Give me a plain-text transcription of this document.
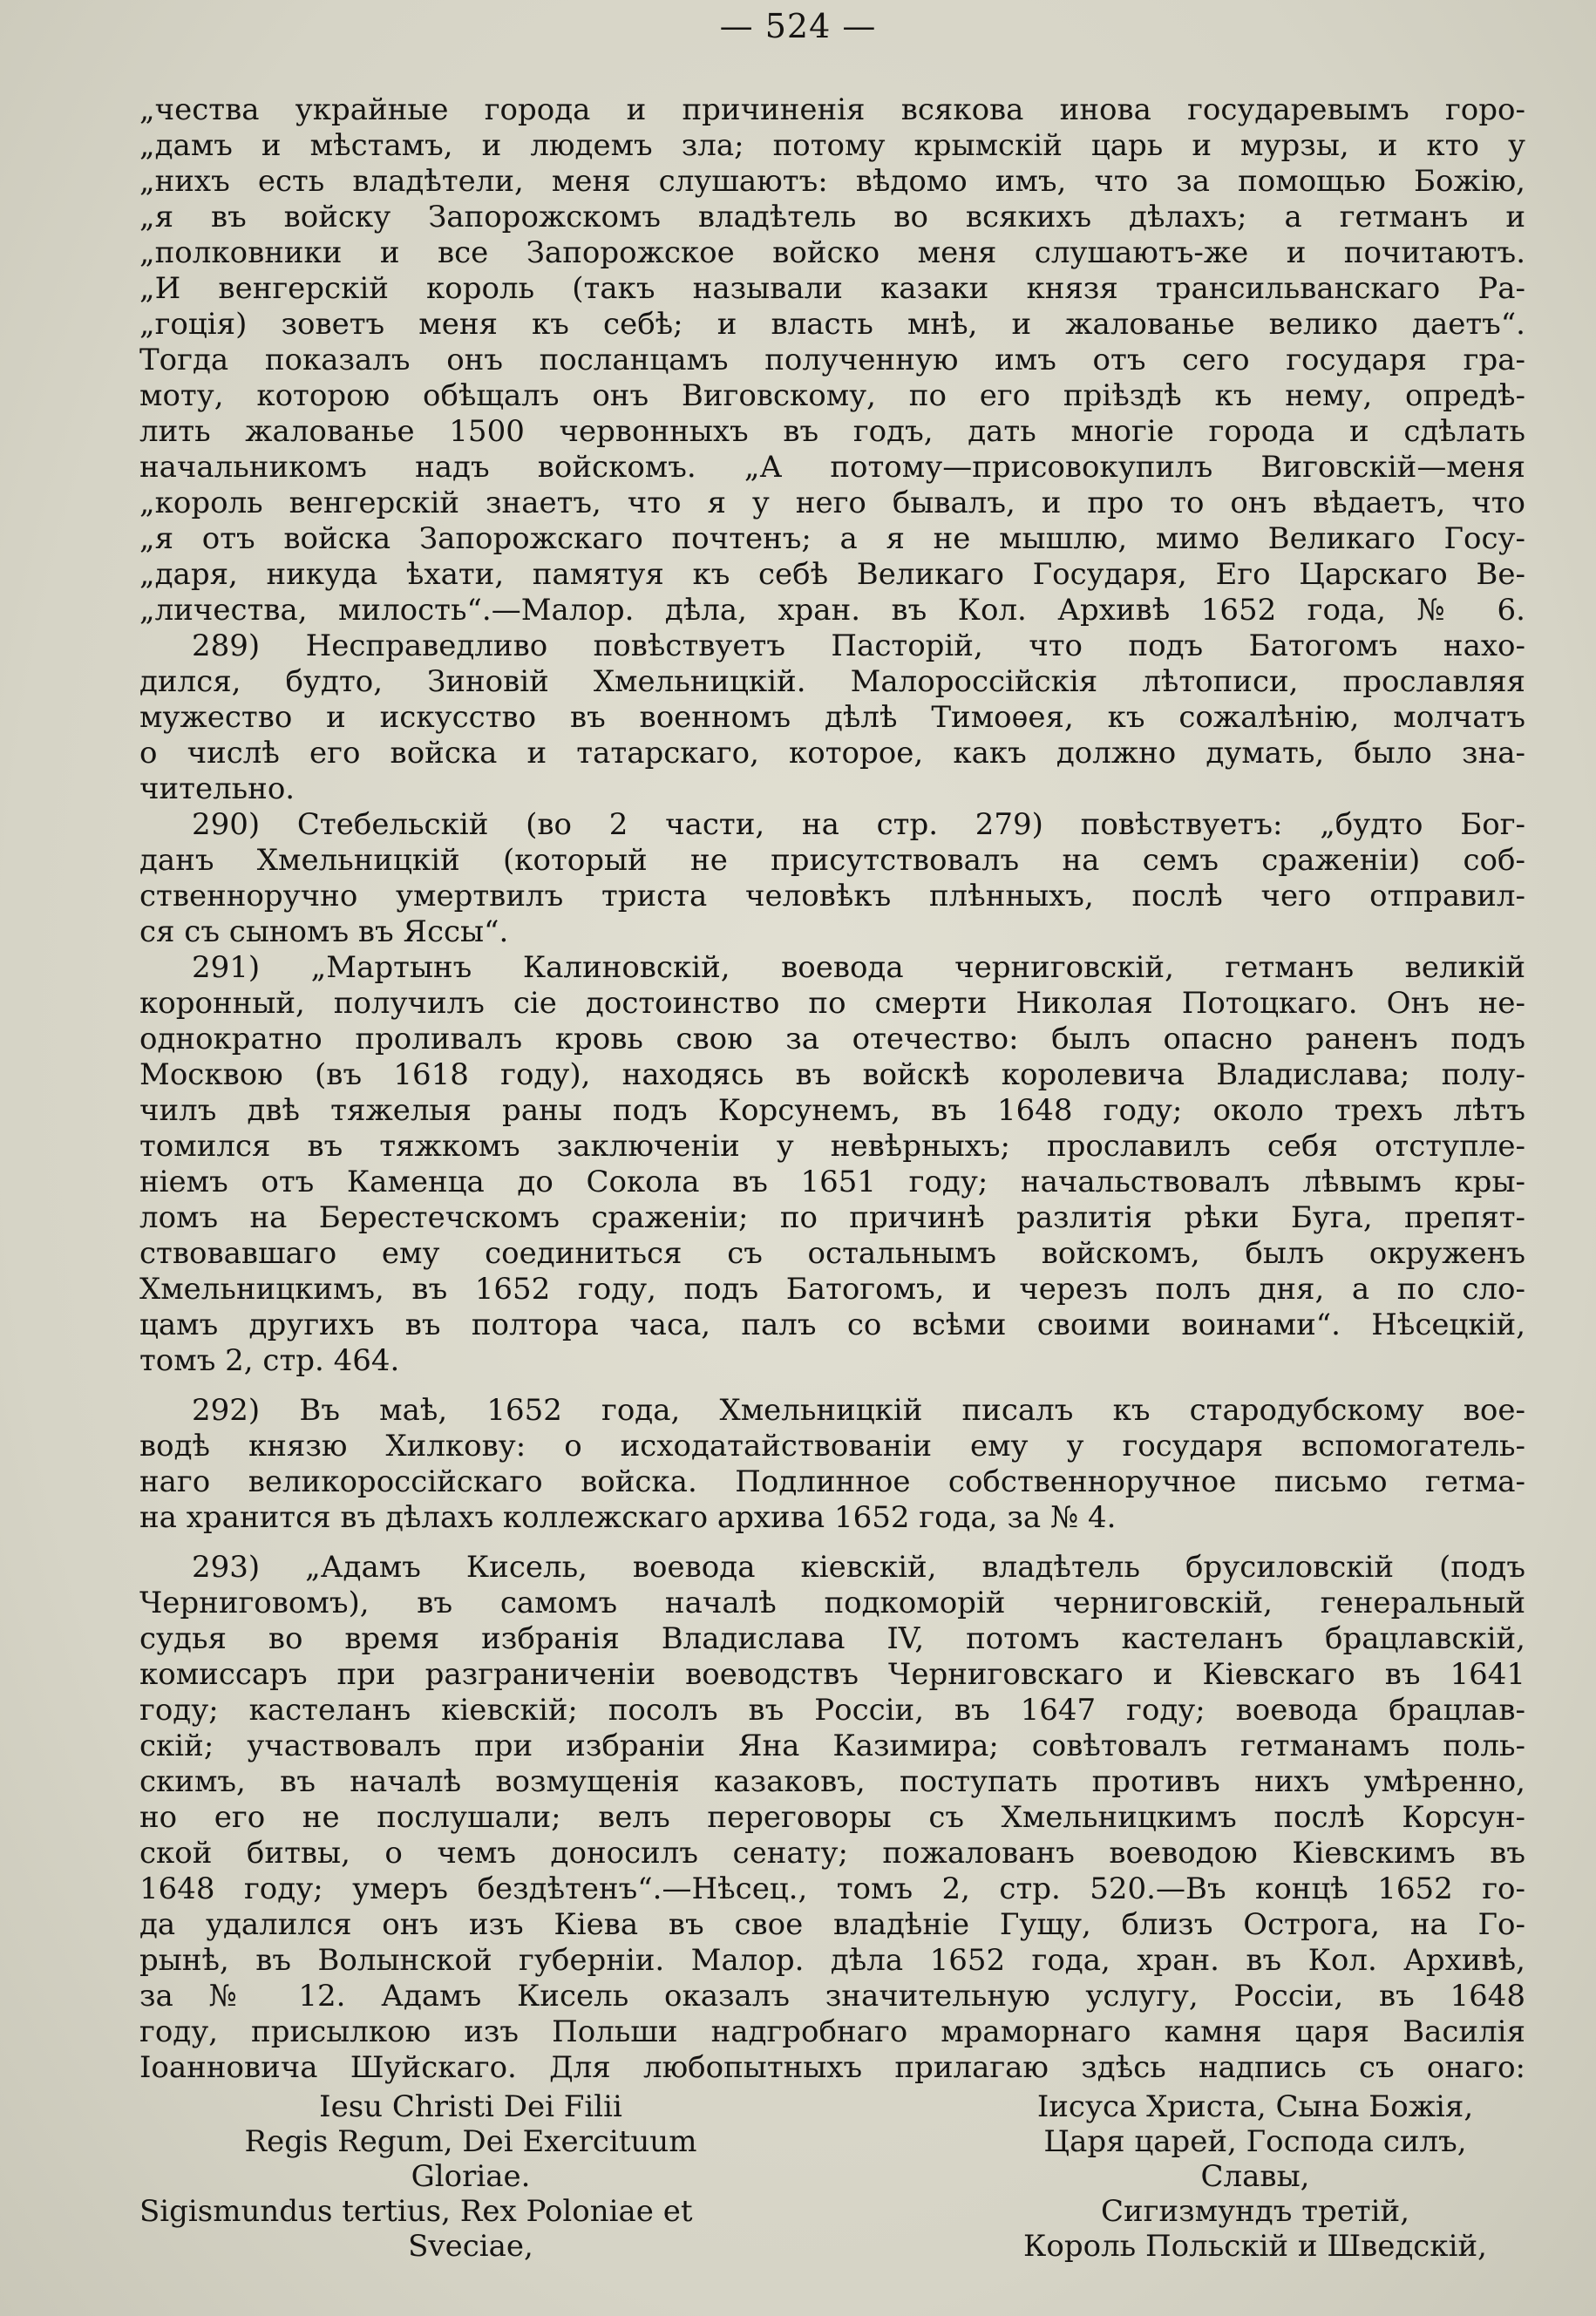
— 524 —
„чества украйные города и причиненія всякова инова государевымъ горо-
„дамъ и мѣстамъ, и людемъ зла; потому крымскій царь и мурзы, и кто у
„нихъ есть владѣтели, меня слушаютъ: вѣдомо имъ, что за помощью Божію,
„я въ войску Запорожскомъ владѣтель во всякихъ дѣлахъ; а гетманъ и
„полковники и все Запорожское войско меня слушаютъ-же и почитаютъ.
„И венгерскій король (такъ называли казаки князя трансильванскаго Ра-
„гоція) зоветъ меня къ себѣ; и власть мнѣ, и жалованье велико даетъ“.
Тогда показалъ онъ посланцамъ полученную имъ отъ сего государя гра-
моту, которою обѣщалъ онъ Виговскому, по его пріѣздѣ къ нему, опредѣ-
лить жалованье 1500 червонныхъ въ годъ, дать многіе города и сдѣлать
начальникомъ надъ войскомъ. „А потому—присовокупилъ Виговскій—меня
„король венгерскій знаетъ, что я у него бывалъ, и про то онъ вѣдаетъ, что
„я отъ войска Запорожскаго почтенъ; а я не мышлю, мимо Великаго Госу-
„даря, никуда ѣхати, памятуя къ себѣ Великаго Государя, Его Царскаго Ве-
„личества, милость“.—Малор. дѣла, хран. въ Кол. Архивѣ 1652 года, № 6.
289) Несправедливо повѣствуетъ Пасторій, что подъ Батогомъ нахо-
дился, будто, Зиновій Хмельницкій. Малороссійскія лѣтописи, прославляя
мужество и искусство въ военномъ дѣлѣ Тимоѳея, къ сожалѣнію, молчатъ
о числѣ его войска и татарскаго, которое, какъ должно думать, было зна-
чительно.
290) Стебельскій (во 2 части, на стр. 279) повѣствуетъ: „будто Бог-
данъ Хмельницкій (который не присутствовалъ на семъ сраженіи) соб-
ственноручно умертвилъ триста человѣкъ плѣнныхъ, послѣ чего отправил-
ся съ сыномъ въ Яссы“.
291) „Мартынъ Калиновскій, воевода черниговскій, гетманъ великій
коронный, получилъ сіе достоинство по смерти Николая Потоцкаго. Онъ не-
однократно проливалъ кровь свою за отечество: былъ опасно раненъ подъ
Москвою (въ 1618 году), находясь въ войскѣ королевича Владислава; полу-
чилъ двѣ тяжелыя раны подъ Корсунемъ, въ 1648 году; около трехъ лѣтъ
томился въ тяжкомъ заключеніи у невѣрныхъ; прославилъ себя отступле-
ніемъ отъ Каменца до Сокола въ 1651 году; начальствовалъ лѣвымъ кры-
ломъ на Берестечскомъ сраженіи; по причинѣ разлитія рѣки Буга, препят-
ствовавшаго ему соединиться съ остальнымъ войскомъ, былъ окруженъ
Хмельницкимъ, въ 1652 году, подъ Батогомъ, и черезъ полъ дня, а по сло-
цамъ другихъ въ полтора часа, палъ со всѣми своими воинами“. Нѣсецкій,
томъ 2, стр. 464.
292) Въ маѣ, 1652 года, Хмельницкій писалъ къ стародубскому вое-
водѣ князю Хилкову: о исходатайствованіи ему у государя вспомогатель-
наго великороссійскаго войска. Подлинное собственноручное письмо гетма-
на хранится въ дѣлахъ коллежскаго архива 1652 года, за № 4.
293) „Адамъ Кисель, воевода кіевскій, владѣтель брусиловскій (подъ
Черниговомъ), въ самомъ началѣ подкоморій черниговскій, генеральный
судья во время избранія Владислава IV, потомъ кастеланъ брацлавскій,
комиссаръ при разграниченіи воеводствъ Черниговскаго и Кіевскаго въ 1641
году; кастеланъ кіевскій; посолъ въ Россіи, въ 1647 году; воевода брацлав-
скій; участвовалъ при избраніи Яна Казимира; совѣтовалъ гетманамъ поль-
скимъ, въ началѣ возмущенія казаковъ, поступать противъ нихъ умѣренно,
но его не послушали; велъ переговоры съ Хмельницкимъ послѣ Корсун-
ской битвы, о чемъ доносилъ сенату; пожалованъ воеводою Кіевскимъ въ
1648 году; умеръ бездѣтенъ“.—Нѣсец., томъ 2, стр. 520.—Въ концѣ 1652 го-
да удалился онъ изъ Кіева въ свое владѣніе Гущу, близъ Острога, на Го-
рынѣ, въ Волынской губерніи. Малор. дѣла 1652 года, хран. въ Кол. Архивѣ,
за № 12. Адамъ Кисель оказалъ значительную услугу, Россіи, въ 1648
году, присылкою изъ Польши надгробнаго мраморнаго камня царя Василія
Іоанновича Шуйскаго. Для любопытныхъ прилагаю здѣсь надпись съ онаго:
Iesu Christi Dei Filii
Regis Regum, Dei Exercituum
Gloriae.
Sigismundus tertius, Rex Poloniae et
Sveciae,
Іисуса Христа, Сына Божія,
Царя царей, Господа силъ,
Славы,
Сигизмундъ третій,
Король Польскій и Шведскій,
